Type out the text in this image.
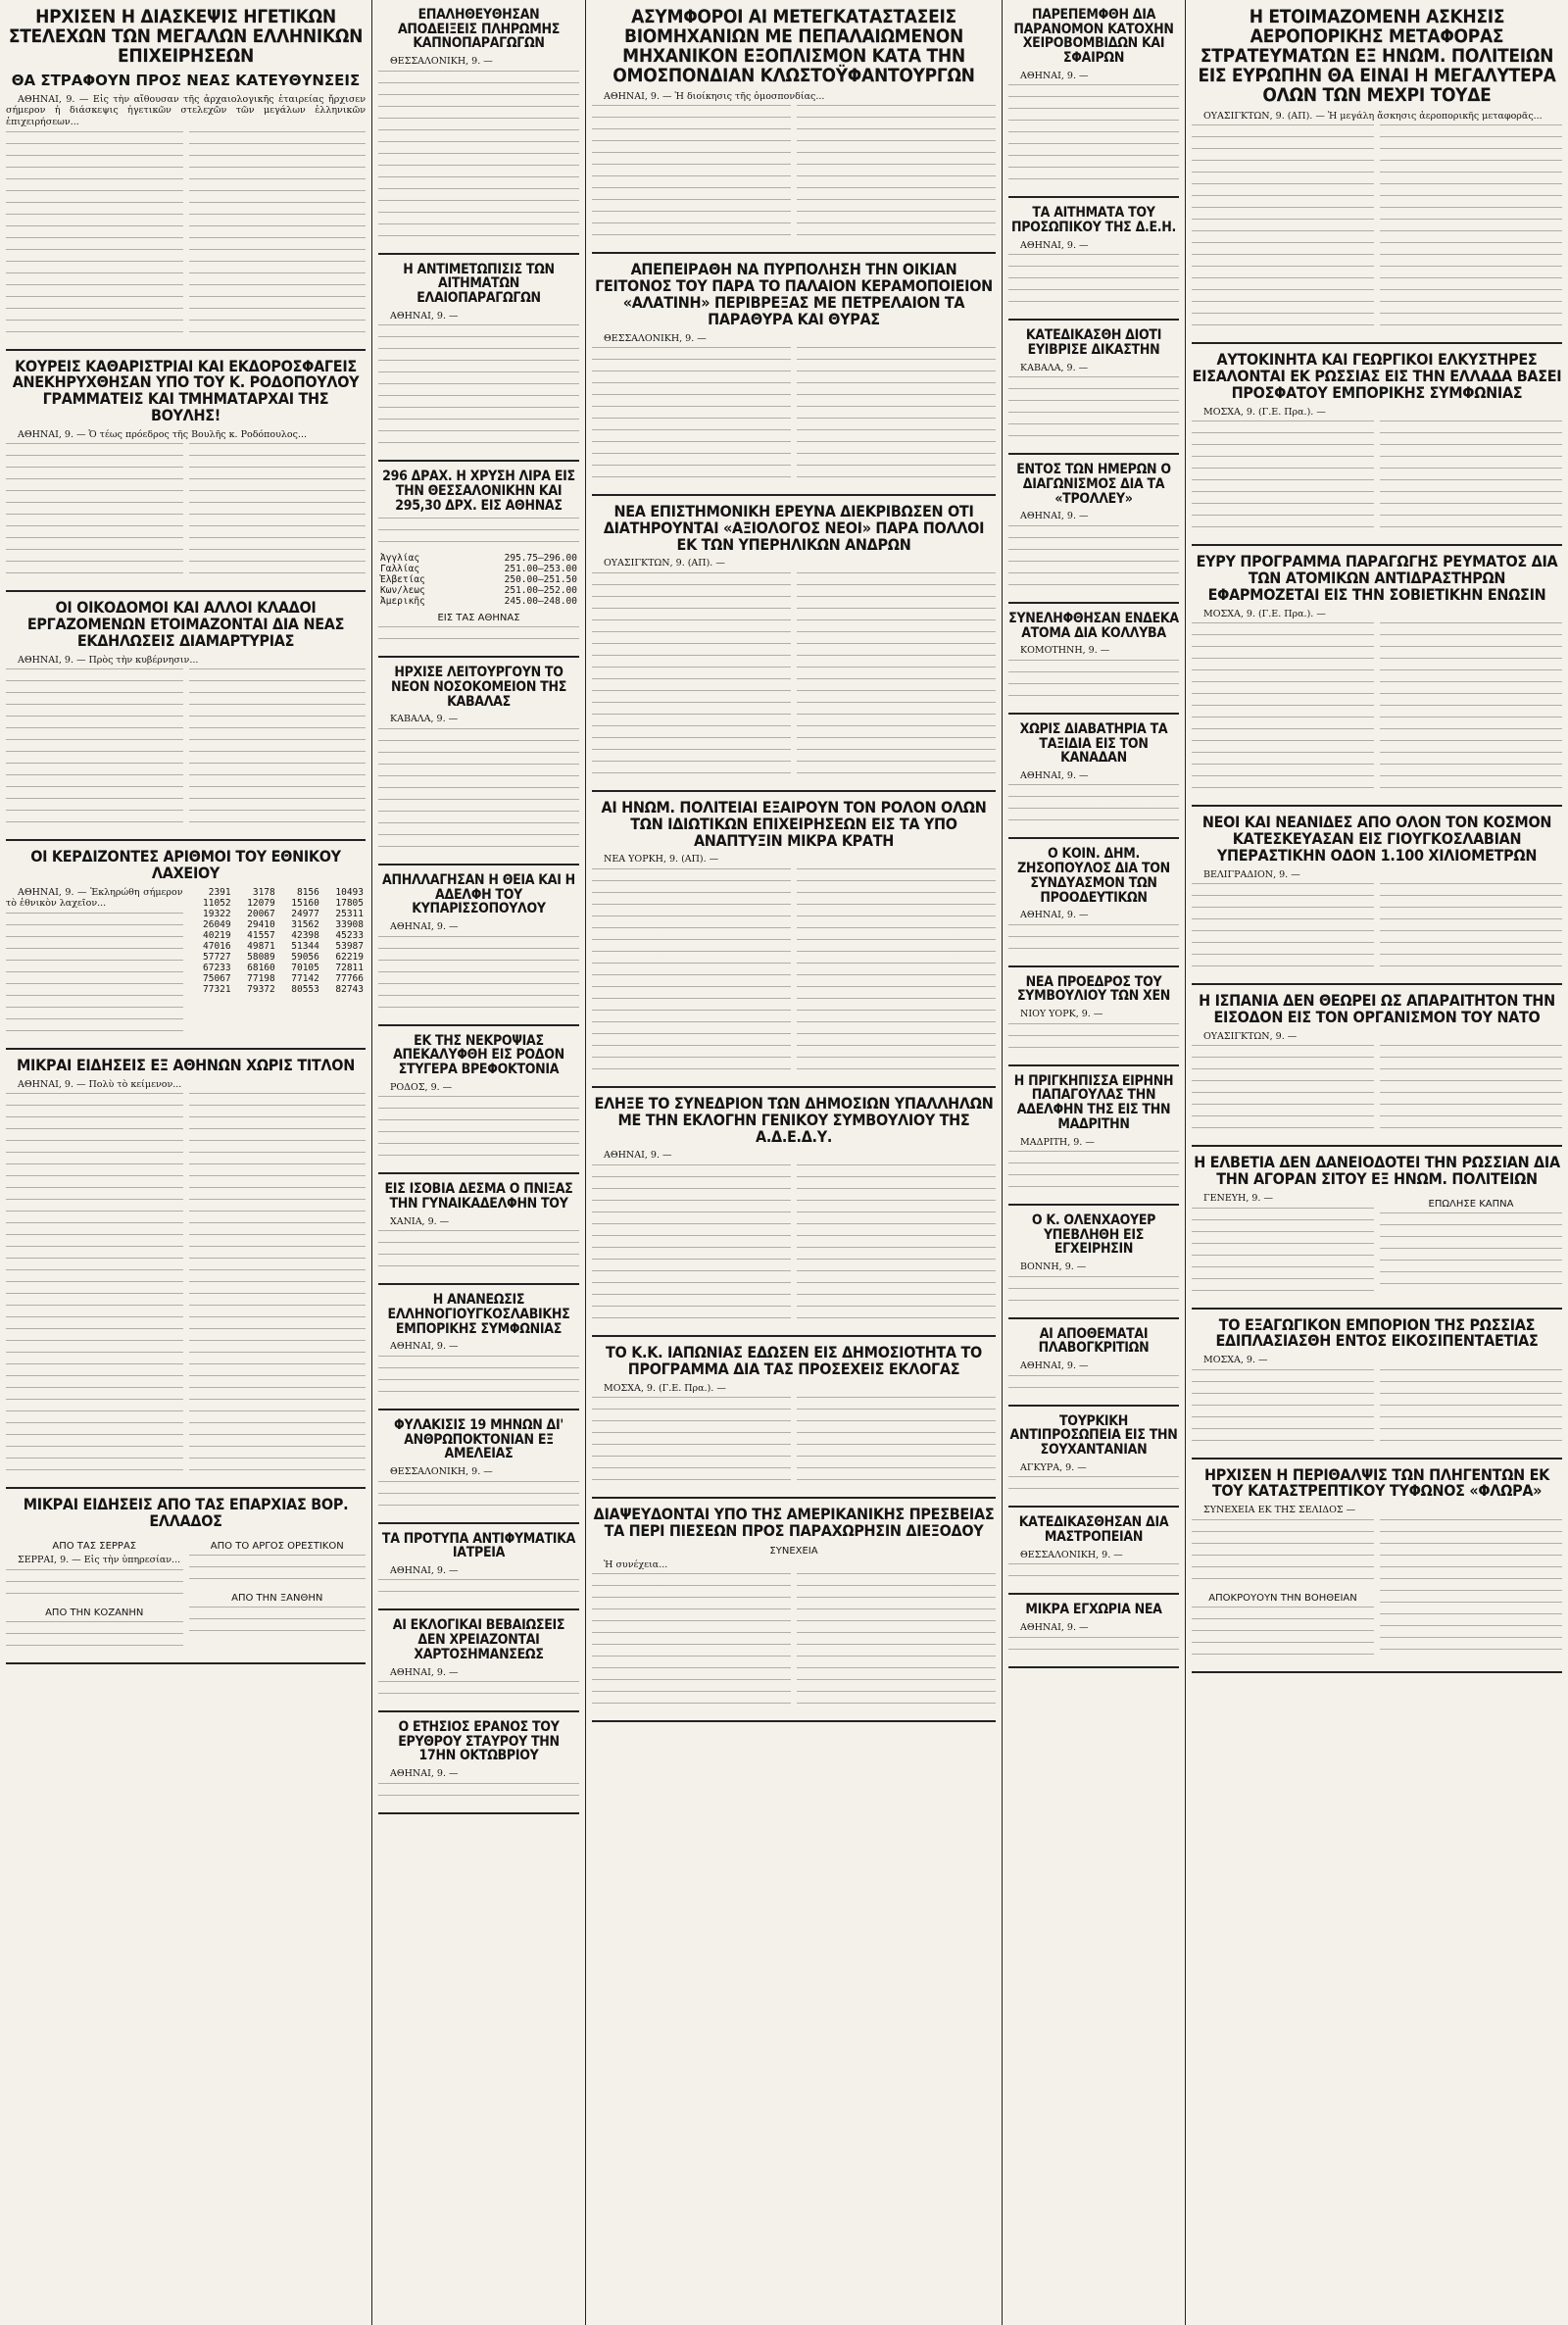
ΗΡΧΙΣΕΝ Η ΔΙΑΣΚΕΨΙΣ ΗΓΕΤΙΚΩΝ ΣΤΕΛΕΧΩΝ ΤΩΝ ΜΕΓΑΛΩΝ ΕΛΛΗΝΙΚΩΝ ΕΠΙΧΕΙΡΗΣΕΩΝ
ΘΑ ΣΤΡΑΦΟΥΝ ΠΡΟΣ ΝΕΑΣ ΚΑΤΕΥΘΥΝΣΕΙΣ

ΑΘΗΝΑΙ, 9. — Εἰς τὴν αἴθουσαν τῆς ἀρχαιολογικῆς ἑταιρείας ἤρχισεν σήμερον ἡ διάσκεψις ἡγετικῶν στελεχῶν τῶν μεγάλων ἑλληνικῶν ἐπιχειρήσεων...

ΚΟΥΡΕΙΣ ΚΑΘΑΡΙΣΤΡΙΑΙ ΚΑΙ ΕΚΔΟΡΟΣΦΑΓΕΙΣ ΑΝΕΚΗΡΥΧΘΗΣΑΝ ΥΠΟ ΤΟΥ Κ. ΡΟΔΟΠΟΥΛΟΥ ΓΡΑΜΜΑΤΕΙΣ ΚΑΙ ΤΜΗΜΑΤΑΡΧΑΙ ΤΗΣ ΒΟΥΛΗΣ!

ΑΘΗΝΑΙ, 9. — Ὁ τέως πρόεδρος τῆς Βουλῆς κ. Ροδόπουλος...

ΟΙ ΟΙΚΟΔΟΜΟΙ ΚΑΙ ΑΛΛΟΙ ΚΛΑΔΟΙ ΕΡΓΑΖΟΜΕΝΩΝ ΕΤΟΙΜΑΖΟΝΤΑΙ ΔΙΑ ΝΕΑΣ ΕΚΔΗΛΩΣΕΙΣ ΔΙΑΜΑΡΤΥΡΙΑΣ

ΑΘΗΝΑΙ, 9. — Πρὸς τὴν κυβέρνησιν...

ΟΙ ΚΕΡΔΙΖΟΝΤΕΣ ΑΡΙΘΜΟΙ ΤΟΥ ΕΘΝΙΚΟΥ ΛΑΧΕΙΟΥ

ΑΘΗΝΑΙ, 9. — Ἐκληρώθη σήμερον τὸ ἐθνικὸν λαχεῖον...

2391	3178	8156	10493
11052	12079	15160	17805
19322	20067	24977	25311
26049	29410	31562	33908
40219	41557	42398	45233
47016	49871	51344	53987
57727	58089	59056	62219
67233	68160	70105	72811
75067	77198	77142	77766
77321	79372	80553	82743
ΜΙΚΡΑΙ ΕΙΔΗΣΕΙΣ ΕΞ ΑΘΗΝΩΝ ΧΩΡΙΣ ΤΙΤΛΟΝ

ΑΘΗΝΑΙ, 9. — Πολὺ τὸ κείμενον...

ΜΙΚΡΑΙ ΕΙΔΗΣΕΙΣ ΑΠΟ ΤΑΣ ΕΠΑΡΧΙΑΣ ΒΟΡ. ΕΛΛΑΔΟΣ
ΑΠΟ ΤΑΣ ΣΕΡΡΑΣ

ΣΕΡΡΑΙ, 9. — Εἰς τὴν ὑπηρεσίαν...

ΑΠΟ ΤΗΝ ΚΟΖΑΝΗΝ
ΑΠΟ ΤΟ ΑΡΓΟΣ ΟΡΕΣΤΙΚΟΝ
ΑΠΟ ΤΗΝ ΞΑΝΘΗΝ
ΕΠΑΛΗΘΕΥΘΗΣΑΝ ΑΠΟΔΕΙΞΕΙΣ ΠΛΗΡΩΜΗΣ ΚΑΠΝΟΠΑΡΑΓΩΓΩΝ

ΘΕΣΣΑΛΟΝΙΚΗ, 9. —

Η ΑΝΤΙΜΕΤΩΠΙΣΙΣ ΤΩΝ ΑΙΤΗΜΑΤΩΝ ΕΛΑΙΟΠΑΡΑΓΩΓΩΝ

ΑΘΗΝΑΙ, 9. —

296 ΔΡΑΧ. Η ΧΡΥΣΗ ΛΙΡΑ ΕΙΣ ΤΗΝ ΘΕΣΣΑΛΟΝΙΚΗΝ ΚΑΙ 295,30 ΔΡΧ. ΕΙΣ ΑΘΗΝΑΣ
Ἀγγλίας	295.75—296.00
Γαλλίας	251.00—253.00
Ἑλβετίας	250.00—251.50
Κων/λεως	251.00—252.00
Ἀμερικῆς	245.00—248.00
ΕΙΣ ΤΑΣ ΑΘΗΝΑΣ
ΗΡΧΙΣΕ ΛΕΙΤΟΥΡΓΟΥΝ ΤΟ ΝΕΟΝ ΝΟΣΟΚΟΜΕΙΟΝ ΤΗΣ ΚΑΒΑΛΑΣ

ΚΑΒΑΛΑ, 9. —

ΑΠΗΛΛΑΓΗΣΑΝ Η ΘΕΙΑ ΚΑΙ Η ΑΔΕΛΦΗ ΤΟΥ ΚΥΠΑΡΙΣΣΟΠΟΥΛΟΥ

ΑΘΗΝΑΙ, 9. —

ΕΚ ΤΗΣ ΝΕΚΡΟΨΙΑΣ ΑΠΕΚΑΛΥΦΘΗ ΕΙΣ ΡΟΔΟΝ ΣΤΥΓΕΡΑ ΒΡΕΦΟΚΤΟΝΙΑ

ΡΟΔΟΣ, 9. —

ΕΙΣ ΙΣΟΒΙΑ ΔΕΣΜΑ Ο ΠΝΙΞΑΣ ΤΗΝ ΓΥΝΑΙΚΑΔΕΛΦΗΝ ΤΟΥ

ΧΑΝΙΑ, 9. —

Η ΑΝΑΝΕΩΣΙΣ ΕΛΛΗΝΟΓΙΟΥΓΚΟΣΛΑΒΙΚΗΣ ΕΜΠΟΡΙΚΗΣ ΣΥΜΦΩΝΙΑΣ

ΑΘΗΝΑΙ, 9. —

ΦΥΛΑΚΙΣΙΣ 19 ΜΗΝΩΝ ΔΙ' ΑΝΘΡΩΠΟΚΤΟΝΙΑΝ ΕΞ ΑΜΕΛΕΙΑΣ

ΘΕΣΣΑΛΟΝΙΚΗ, 9. —

ΤΑ ΠΡΟΤΥΠΑ ΑΝΤΙΦΥΜΑΤΙΚΑ ΙΑΤΡΕΙΑ

ΑΘΗΝΑΙ, 9. —

ΑΙ ΕΚΛΟΓΙΚΑΙ ΒΕΒΑΙΩΣΕΙΣ ΔΕΝ ΧΡΕΙΑΖΟΝΤΑΙ ΧΑΡΤΟΣΗΜΑΝΣΕΩΣ

ΑΘΗΝΑΙ, 9. —

Ο ΕΤΗΣΙΟΣ ΕΡΑΝΟΣ ΤΟΥ ΕΡΥΘΡΟΥ ΣΤΑΥΡΟΥ ΤΗΝ 17ΗΝ ΟΚΤΩΒΡΙΟΥ

ΑΘΗΝΑΙ, 9. —

ΑΣΥΜΦΟΡΟΙ ΑΙ ΜΕΤΕΓΚΑΤΑΣΤΑΣΕΙΣ ΒΙΟΜΗΧΑΝΙΩΝ ΜΕ ΠΕΠΑΛΑΙΩΜΕΝΟΝ ΜΗΧΑΝΙΚΟΝ ΕΞΟΠΛΙΣΜΟΝ ΚΑΤΑ ΤΗΝ ΟΜΟΣΠΟΝΔΙΑΝ ΚΛΩΣΤΟΫΦΑΝΤΟΥΡΓΩΝ

ΑΘΗΝΑΙ, 9. — Ἡ διοίκησις τῆς ὁμοσπονδίας...

ΑΠΕΠΕΙΡΑΘΗ ΝΑ ΠΥΡΠΟΛΗΣΗ ΤΗΝ ΟΙΚΙΑΝ ΓΕΙΤΟΝΟΣ ΤΟΥ ΠΑΡΑ ΤΟ ΠΑΛΑΙΟΝ ΚΕΡΑΜΟΠΟΙΕΙΟΝ «ΑΛΑΤΙΝΗ» ΠΕΡΙΒΡΕΞΑΣ ΜΕ ΠΕΤΡΕΛΑΙΟΝ ΤΑ ΠΑΡΑΘΥΡΑ ΚΑΙ ΘΥΡΑΣ

ΘΕΣΣΑΛΟΝΙΚΗ, 9. —

ΝΕΑ ΕΠΙΣΤΗΜΟΝΙΚΗ ΕΡΕΥΝΑ ΔΙΕΚΡΙΒΩΣΕΝ ΟΤΙ ΔΙΑΤΗΡΟΥΝΤΑΙ «ΑΞΙΟΛΟΓΟΣ ΝΕΟΙ» ΠΑΡΑ ΠΟΛΛΟΙ ΕΚ ΤΩΝ ΥΠΕΡΗΛΙΚΩΝ ΑΝΔΡΩΝ

ΟΥΑΣΙΓΚΤΩΝ, 9. (ΑΠ). —

ΑΙ ΗΝΩΜ. ΠΟΛΙΤΕΙΑΙ ΕΞΑΙΡΟΥΝ ΤΟΝ ΡΟΛΟΝ ΟΛΩΝ ΤΩΝ ΙΔΙΩΤΙΚΩΝ ΕΠΙΧΕΙΡΗΣΕΩΝ ΕΙΣ ΤΑ ΥΠΟ ΑΝΑΠΤΥΞΙΝ ΜΙΚΡΑ ΚΡΑΤΗ

ΝΕΑ ΥΟΡΚΗ, 9. (ΑΠ). —

ΕΛΗΞΕ ΤΟ ΣΥΝΕΔΡΙΟΝ ΤΩΝ ΔΗΜΟΣΙΩΝ ΥΠΑΛΛΗΛΩΝ ΜΕ ΤΗΝ ΕΚΛΟΓΗΝ ΓΕΝΙΚΟΥ ΣΥΜΒΟΥΛΙΟΥ ΤΗΣ Α.Δ.Ε.Δ.Υ.

ΑΘΗΝΑΙ, 9. —

ΤΟ Κ.Κ. ΙΑΠΩΝΙΑΣ ΕΔΩΣΕΝ ΕΙΣ ΔΗΜΟΣΙΟΤΗΤΑ ΤΟ ΠΡΟΓΡΑΜΜΑ ΔΙΑ ΤΑΣ ΠΡΟΣΕΧΕΙΣ ΕΚΛΟΓΑΣ

ΜΟΣΧΑ, 9. (Γ.Ε. Πρα.). —

ΔΙΑΨΕΥΔΟΝΤΑΙ ΥΠΟ ΤΗΣ ΑΜΕΡΙΚΑΝΙΚΗΣ ΠΡΕΣΒΕΙΑΣ ΤΑ ΠΕΡΙ ΠΙΕΣΕΩΝ ΠΡΟΣ ΠΑΡΑΧΩΡΗΣΙΝ ΔΙΕΞΟΔΟΥ
ΣΥΝΕΧΕΙΑ

Ἡ συνέχεια...

ΠΑΡΕΠΕΜΦΘΗ ΔΙΑ ΠΑΡΑΝΟΜΟΝ ΚΑΤΟΧΗΝ ΧΕΙΡΟΒΟΜΒΙΔΩΝ ΚΑΙ ΣΦΑΙΡΩΝ

ΑΘΗΝΑΙ, 9. —

ΤΑ ΑΙΤΗΜΑΤΑ ΤΟΥ ΠΡΟΣΩΠΙΚΟΥ ΤΗΣ Δ.Ε.Η.

ΑΘΗΝΑΙ, 9. —

ΚΑΤΕΔΙΚΑΣΘΗ ΔΙΟΤΙ ΕΥΙΒΡΙΣΕ ΔΙΚΑΣΤΗΝ

ΚΑΒΑΛΑ, 9. —

ΕΝΤΟΣ ΤΩΝ ΗΜΕΡΩΝ Ο ΔΙΑΓΩΝΙΣΜΟΣ ΔΙΑ ΤΑ «ΤΡΟΛΛΕΥ»

ΑΘΗΝΑΙ, 9. —

ΣΥΝΕΛΗΦΘΗΣΑΝ ΕΝΔΕΚΑ ΑΤΟΜΑ ΔΙΑ ΚΟΛΛΥΒΑ

ΚΟΜΟΤΗΝΗ, 9. —

ΧΩΡΙΣ ΔΙΑΒΑΤΗΡΙΑ ΤΑ ΤΑΞΙΔΙΑ ΕΙΣ ΤΟΝ ΚΑΝΑΔΑΝ

ΑΘΗΝΑΙ, 9. —

Ο ΚΟΙΝ. ΔΗΜ. ΖΗΣΟΠΟΥΛΟΣ ΔΙΑ ΤΟΝ ΣΥΝΔΥΑΣΜΟΝ ΤΩΝ ΠΡΟΟΔΕΥΤΙΚΩΝ

ΑΘΗΝΑΙ, 9. —

ΝΕΑ ΠΡΟΕΔΡΟΣ ΤΟΥ ΣΥΜΒΟΥΛΙΟΥ ΤΩΝ ΧΕΝ

ΝΙΟΥ ΥΟΡΚ, 9. —

Η ΠΡΙΓΚΗΠΙΣΣΑ ΕΙΡΗΝΗ ΠΑΠΑΓΟΥΛΑΣ ΤΗΝ ΑΔΕΛΦΗΝ ΤΗΣ ΕΙΣ ΤΗΝ ΜΑΔΡΙΤΗΝ

ΜΑΔΡΙΤΗ, 9. —

Ο Κ. ΟΛΕΝΧΑΟΥΕΡ ΥΠΕΒΛΗΘΗ ΕΙΣ ΕΓΧΕΙΡΗΣΙΝ

ΒΟΝΝΗ, 9. —

ΑΙ ΑΠΟΘΕΜΑΤΑΙ ΠΛΑΒΟΓΚΡΙΤΙΩΝ

ΑΘΗΝΑΙ, 9. —

ΤΟΥΡΚΙΚΗ ΑΝΤΙΠΡΟΣΩΠΕΙΑ ΕΙΣ ΤΗΝ ΣΟΥΧΑΝΤΑΝΙΑΝ

ΑΓΚΥΡΑ, 9. —

ΚΑΤΕΔΙΚΑΣΘΗΣΑΝ ΔΙΑ ΜΑΣΤΡΟΠΕΙΑΝ

ΘΕΣΣΑΛΟΝΙΚΗ, 9. —

ΜΙΚΡΑ ΕΓΧΩΡΙΑ ΝΕΑ

ΑΘΗΝΑΙ, 9. —

Η ΕΤΟΙΜΑΖΟΜΕΝΗ ΑΣΚΗΣΙΣ ΑΕΡΟΠΟΡΙΚΗΣ ΜΕΤΑΦΟΡΑΣ ΣΤΡΑΤΕΥΜΑΤΩΝ ΕΞ ΗΝΩΜ. ΠΟΛΙΤΕΙΩΝ ΕΙΣ ΕΥΡΩΠΗΝ ΘΑ ΕΙΝΑΙ Η ΜΕΓΑΛΥΤΕΡΑ ΟΛΩΝ ΤΩΝ ΜΕΧΡΙ ΤΟΥΔΕ

ΟΥΑΣΙΓΚΤΩΝ, 9. (ΑΠ). — Ἡ μεγάλη ἄσκησις ἀεροπορικῆς μεταφορᾶς...

ΑΥΤΟΚΙΝΗΤΑ ΚΑΙ ΓΕΩΡΓΙΚΟΙ ΕΛΚΥΣΤΗΡΕΣ ΕΙΣΑΛΟΝΤΑΙ ΕΚ ΡΩΣΣΙΑΣ ΕΙΣ ΤΗΝ ΕΛΛΑΔΑ ΒΑΣΕΙ ΠΡΟΣΦΑΤΟΥ ΕΜΠΟΡΙΚΗΣ ΣΥΜΦΩΝΙΑΣ

ΜΟΣΧΑ, 9. (Γ.Ε. Πρα.). —

ΕΥΡΥ ΠΡΟΓΡΑΜΜΑ ΠΑΡΑΓΩΓΗΣ ΡΕΥΜΑΤΟΣ ΔΙΑ ΤΩΝ ΑΤΟΜΙΚΩΝ ΑΝΤΙΔΡΑΣΤΗΡΩΝ ΕΦΑΡΜΟΖΕΤΑΙ ΕΙΣ ΤΗΝ ΣΟΒΙΕΤΙΚΗΝ ΕΝΩΣΙΝ

ΜΟΣΧΑ, 9. (Γ.Ε. Πρα.). —

ΝΕΟΙ ΚΑΙ ΝΕΑΝΙΔΕΣ ΑΠΟ ΟΛΟΝ ΤΟΝ ΚΟΣΜΟΝ ΚΑΤΕΣΚΕΥΑΣΑΝ ΕΙΣ ΓΙΟΥΓΚΟΣΛΑΒΙΑΝ ΥΠΕΡΑΣΤΙΚΗΝ ΟΔΟΝ 1.100 ΧΙΛΙΟΜΕΤΡΩΝ

ΒΕΛΙΓΡΑΔΙΟΝ, 9. —

Η ΙΣΠΑΝΙΑ ΔΕΝ ΘΕΩΡΕΙ ΩΣ ΑΠΑΡΑΙΤΗΤΟΝ ΤΗΝ ΕΙΣΟΔΟΝ ΕΙΣ ΤΟΝ ΟΡΓΑΝΙΣΜΟΝ ΤΟΥ ΝΑΤΟ

ΟΥΑΣΙΓΚΤΩΝ, 9. —

Η ΕΛΒΕΤΙΑ ΔΕΝ ΔΑΝΕΙΟΔΟΤΕΙ ΤΗΝ ΡΩΣΣΙΑΝ ΔΙΑ ΤΗΝ ΑΓΟΡΑΝ ΣΙΤΟΥ ΕΞ ΗΝΩΜ. ΠΟΛΙΤΕΙΩΝ

ΓΕΝΕΥΗ, 9. —

ΕΠΩΛΗΣΕ ΚΑΠΝΑ
ΤΟ ΕΞΑΓΩΓΙΚΟΝ ΕΜΠΟΡΙΟΝ ΤΗΣ ΡΩΣΣΙΑΣ ΕΔΙΠΛΑΣΙΑΣΘΗ ΕΝΤΟΣ ΕΙΚΟΣΙΠΕΝΤΑΕΤΙΑΣ

ΜΟΣΧΑ, 9. —

ΗΡΧΙΣΕΝ Η ΠΕΡΙΘΑΛΨΙΣ ΤΩΝ ΠΛΗΓΕΝΤΩΝ ΕΚ ΤΟΥ ΚΑΤΑΣΤΡΕΠΤΙΚΟΥ ΤΥΦΩΝΟΣ «ΦΛΩΡΑ»

ΣΥΝΕΧΕΙΑ ΕΚ ΤΗΣ ΣΕΛΙΔΟΣ —

ΑΠΟΚΡΟΥΟΥΝ ΤΗΝ ΒΟΗΘΕΙΑΝ
